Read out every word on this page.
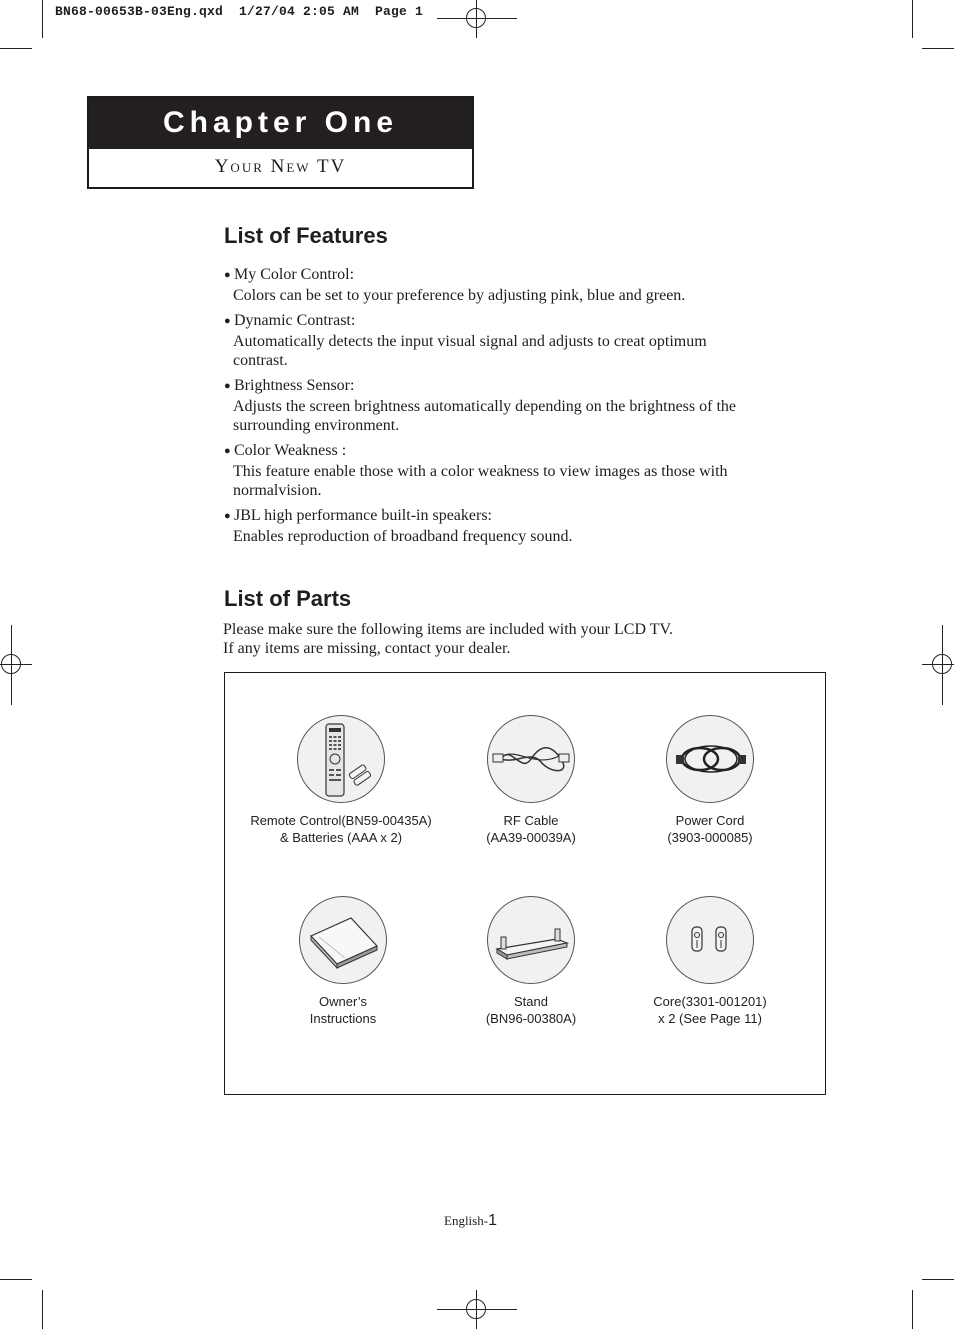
BN68-00653B-03Eng.qxd  1/27/04 2:05 AM  Page 1
Chapter One
Your New TV
List of Features
● My Color Control:
Colors can be set to your preference by adjusting pink, blue and green.
● Dynamic Contrast:
Automatically detects the input visual signal and adjusts to creat optimum contrast.
● Brightness Sensor:
Adjusts the screen brightness automatically depending on the brightness of the surrounding environment.
● Color Weakness :
This feature enable those with a color weakness to view images as those with normalvision.
● JBL high performance built-in speakers:
Enables reproduction of broadband frequency sound.
List of Parts
Please make sure the following items are included with your LCD TV.
If any items are missing, contact your dealer.
Remote Control(BN59-00435A)
& Batteries (AAA x 2)
RF Cable
(AA39-00039A)
Power Cord
(3903-000085)
Owner’s
Instructions
Stand
(BN96-00380A)
Core(3301-001201)
x 2 (See Page 11)
English-1
